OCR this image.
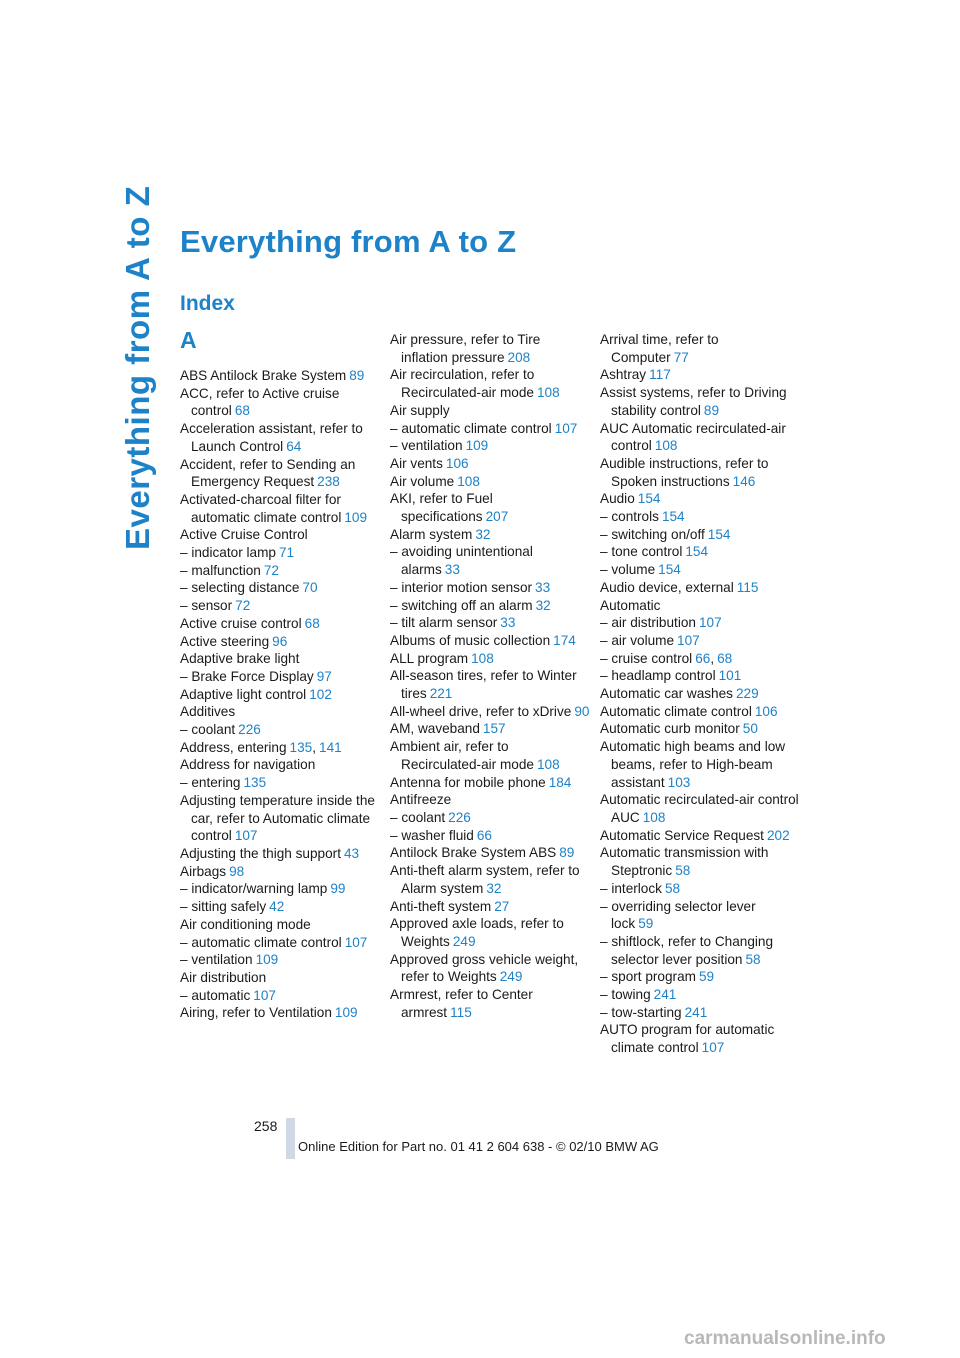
Everything from A to Z Everything from A to Z
Index
A
ABS Antilock Brake System 89
ACC, refer to Active cruise control 68
Acceleration assistant, refer to Launch Control 64
Accident, refer to Sending an Emergency Request 238
Activated-charcoal filter for automatic climate control 109
Active Cruise Control
– indicator lamp 71
– malfunction 72
– selecting distance 70
– sensor 72
Active cruise control 68
Active steering 96
Adaptive brake light
– Brake Force Display 97
Adaptive light control 102
Additives
– coolant 226
Address, entering 135, 141
Address for navigation
– entering 135
Adjusting temperature inside the car, refer to Automatic climate control 107
Adjusting the thigh support 43
Airbags 98
– indicator/warning lamp 99
– sitting safely 42
Air conditioning mode
– automatic climate control 107
– ventilation 109
Air distribution
– automatic 107
Airing, refer to Ventilation 109
Air pressure, refer to Tire inflation pressure 208
Air recirculation, refer to Recirculated-air mode 108
Air supply
– automatic climate control 107
– ventilation 109
Air vents 106
Air volume 108
AKI, refer to Fuel specifications 207
Alarm system 32
– avoiding unintentional alarms 33
– interior motion sensor 33
– switching off an alarm 32
– tilt alarm sensor 33
Albums of music collection 174
ALL program 108
All-season tires, refer to Winter tires 221
All-wheel drive, refer to xDrive 90
AM, waveband 157
Ambient air, refer to Recirculated-air mode 108
Antenna for mobile phone 184
Antifreeze
– coolant 226
– washer fluid 66
Antilock Brake System ABS 89
Anti-theft alarm system, refer to Alarm system 32
Anti-theft system 27
Approved axle loads, refer to Weights 249
Approved gross vehicle weight, refer to Weights 249
Armrest, refer to Center armrest 115
Arrival time, refer to Computer 77
Ashtray 117
Assist systems, refer to Driving stability control 89
AUC Automatic recirculated-air control 108
Audible instructions, refer to Spoken instructions 146
Audio 154
– controls 154
– switching on/off 154
– tone control 154
– volume 154
Audio device, external 115
Automatic
– air distribution 107
– air volume 107
– cruise control 66, 68
– headlamp control 101
Automatic car washes 229
Automatic climate control 106
Automatic curb monitor 50
Automatic high beams and low beams, refer to High-beam assistant 103
Automatic recirculated-air control AUC 108
Automatic Service Request 202
Automatic transmission with Steptronic 58
– interlock 58
– overriding selector lever lock 59
– shiftlock, refer to Changing selector lever position 58
– sport program 59
– towing 241
– tow-starting 241
AUTO program for automatic climate control 107
258
Online Edition for Part no. 01 41 2 604 638 - © 02/10 BMW AG
carmanualsonline.info
